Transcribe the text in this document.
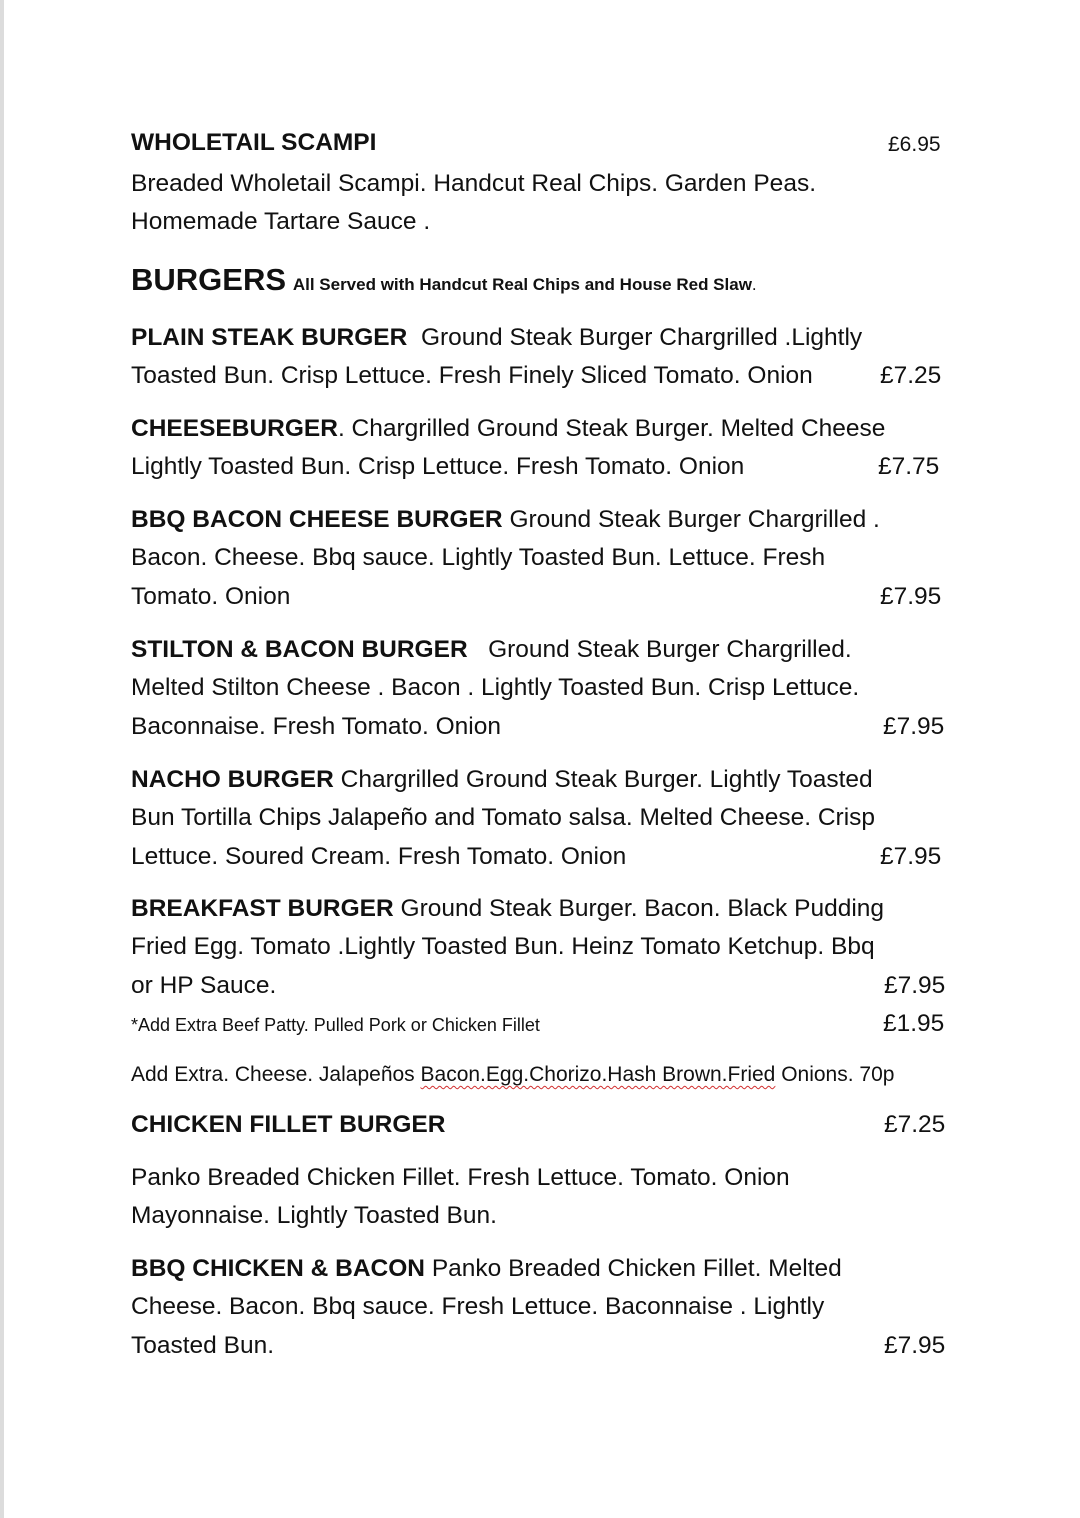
WHOLETAIL SCAMPI	£6.95
Breaded Wholetail Scampi. Handcut Real Chips. Garden Peas.
Homemade Tartare Sauce .
BURGERS All Served with Handcut Real Chips and House Red Slaw.
PLAIN STEAK BURGER Ground Steak Burger Chargrilled .Lightly
Toasted Bun. Crisp Lettuce. Fresh Finely Sliced Tomato. Onion	£7.25
CHEESEBURGER. Chargrilled Ground Steak Burger. Melted Cheese
Lightly Toasted Bun. Crisp Lettuce. Fresh Tomato. Onion	£7.75
BBQ BACON CHEESE BURGER Ground Steak Burger Chargrilled .
Bacon. Cheese. Bbq sauce. Lightly Toasted Bun. Lettuce. Fresh
Tomato. Onion	£7.95
STILTON & BACON BURGER Ground Steak Burger Chargrilled.
Melted Stilton Cheese . Bacon . Lightly Toasted Bun. Crisp Lettuce.
Baconnaise. Fresh Tomato. Onion	£7.95
NACHO BURGER Chargrilled Ground Steak Burger. Lightly Toasted
Bun Tortilla Chips Jalapeño and Tomato salsa. Melted Cheese. Crisp
Lettuce. Soured Cream. Fresh Tomato. Onion	£7.95
BREAKFAST BURGER Ground Steak Burger. Bacon. Black Pudding
Fried Egg. Tomato .Lightly Toasted Bun. Heinz Tomato Ketchup. Bbq
or HP Sauce.	£7.95
*Add Extra Beef Patty. Pulled Pork or Chicken Fillet	£1.95
Add Extra. Cheese. Jalapeños Bacon.Egg.Chorizo.Hash Brown.Fried Onions. 70p
CHICKEN FILLET BURGER	£7.25
Panko Breaded Chicken Fillet. Fresh Lettuce. Tomato. Onion
Mayonnaise. Lightly Toasted Bun.
BBQ CHICKEN & BACON Panko Breaded Chicken Fillet. Melted
Cheese. Bacon. Bbq sauce. Fresh Lettuce. Baconnaise . Lightly
Toasted Bun.	£7.95
